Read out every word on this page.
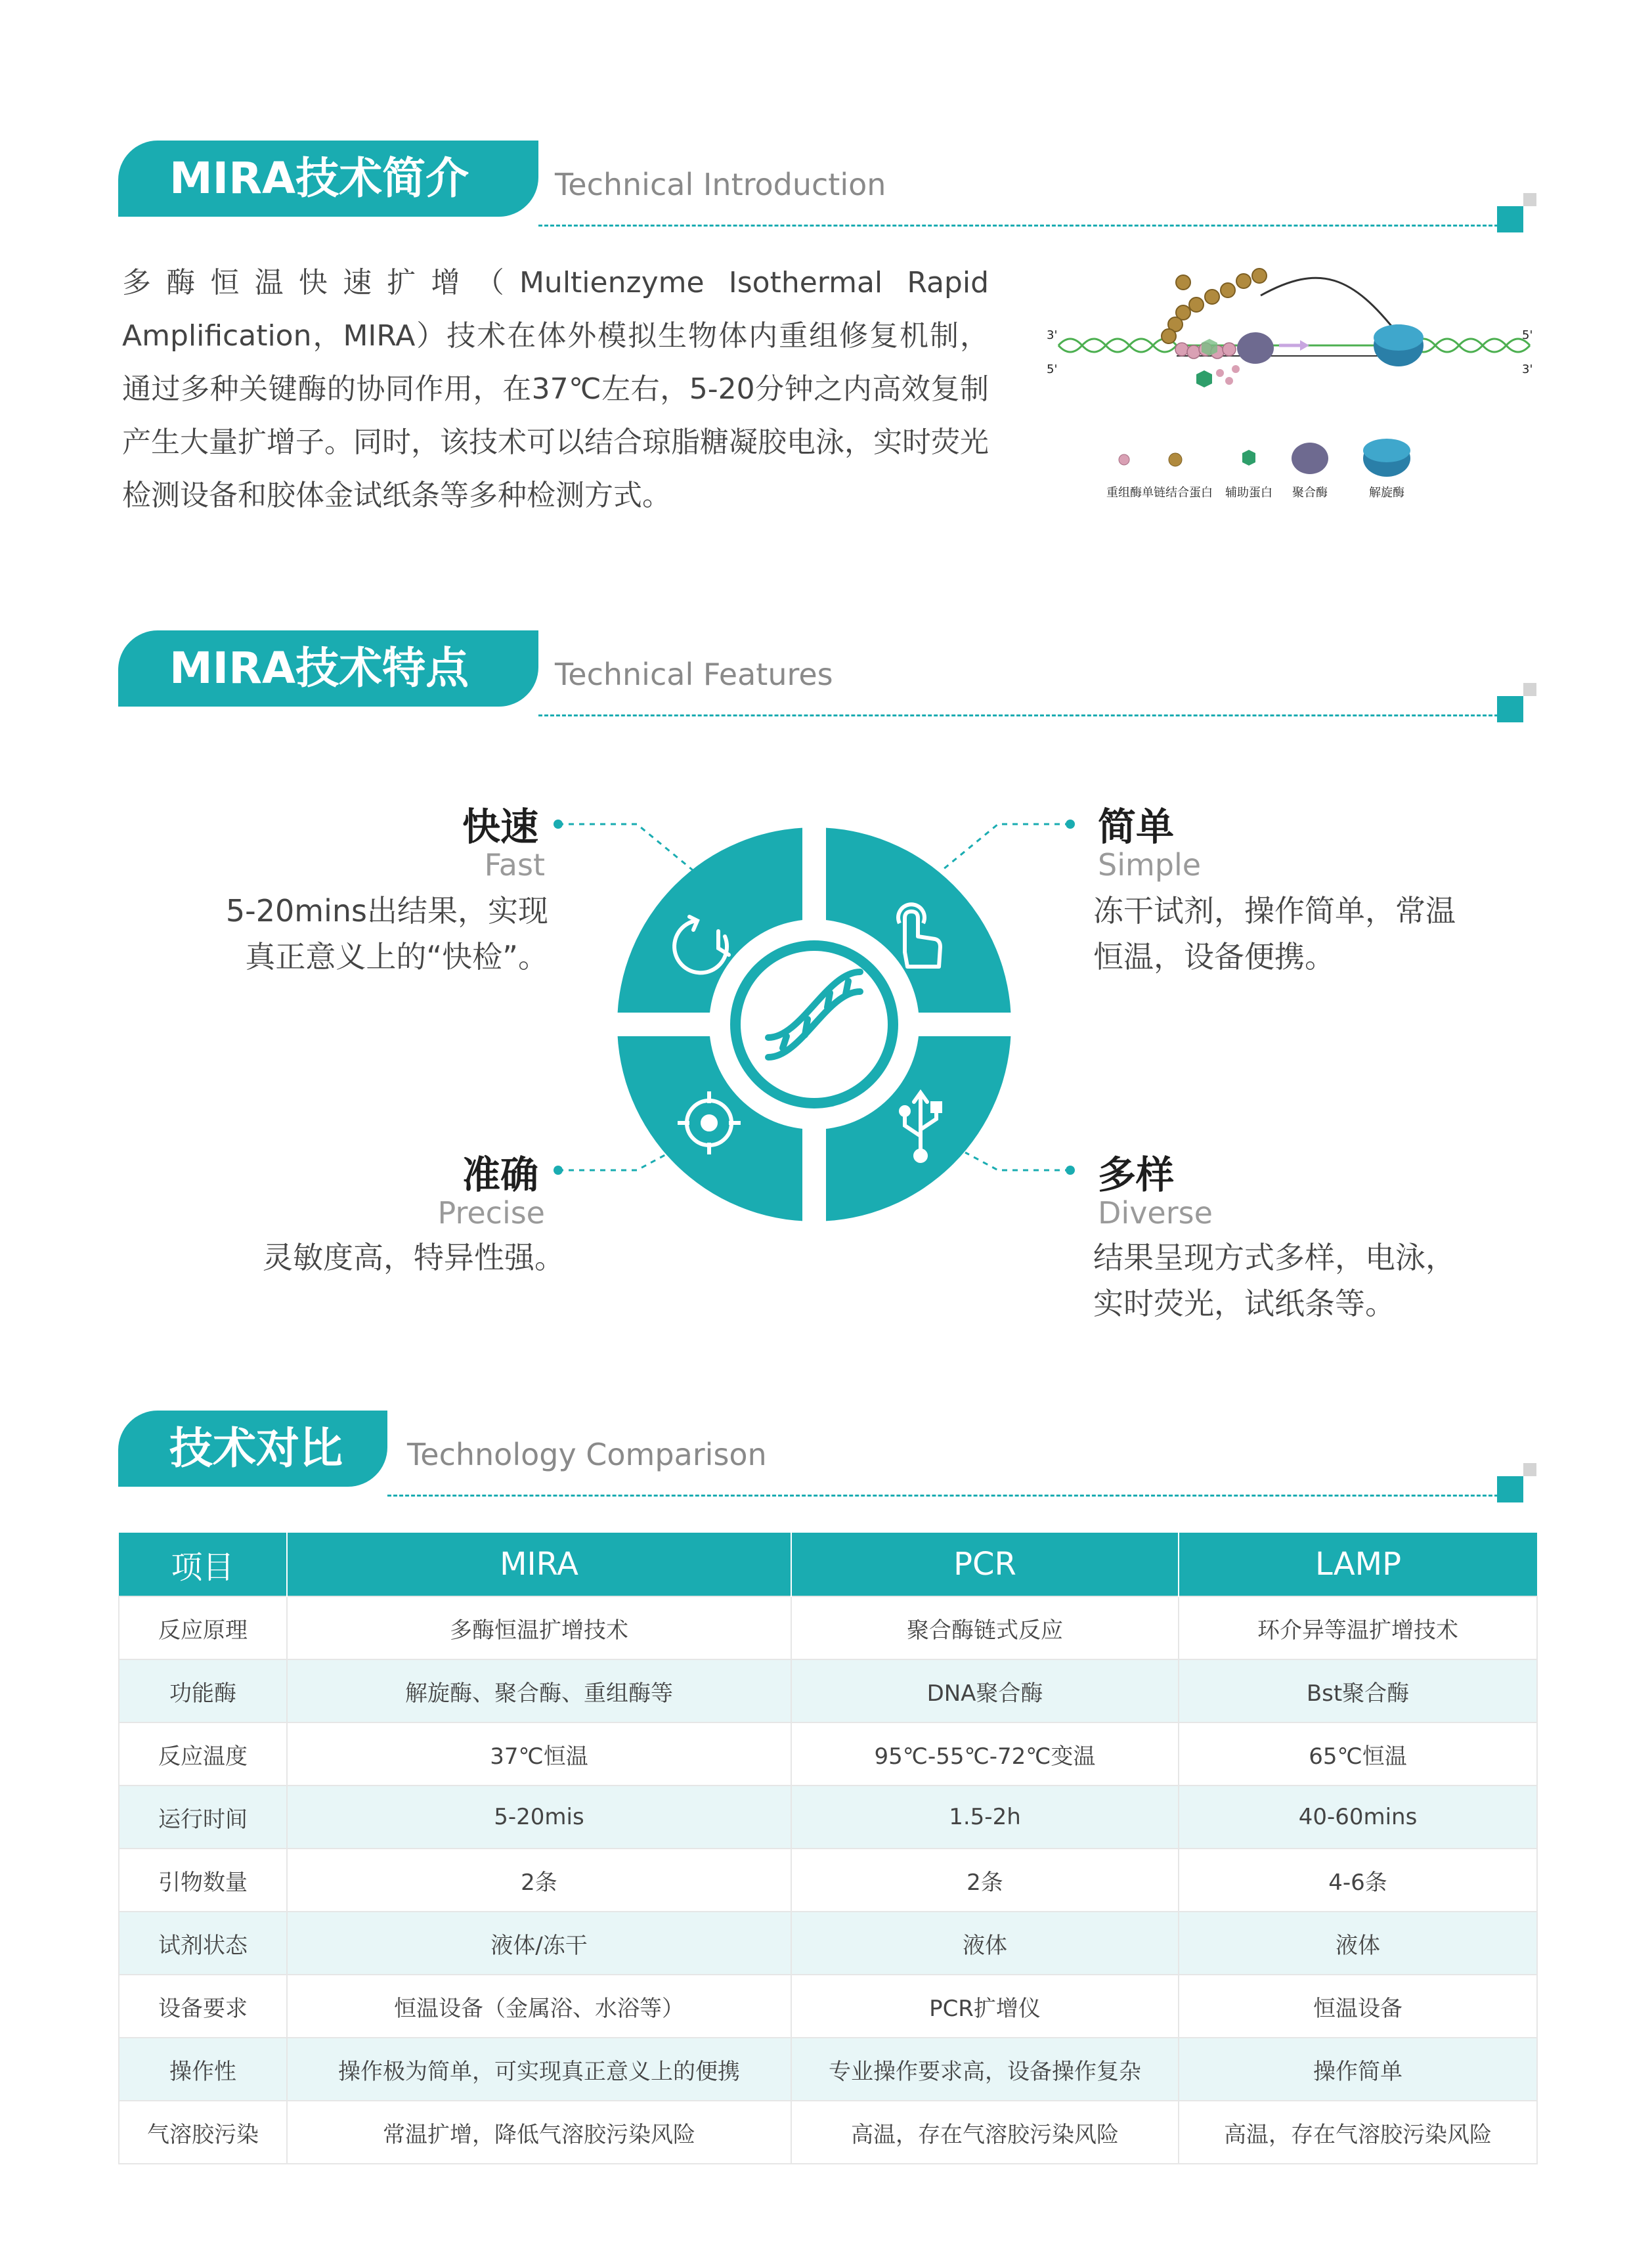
MIRA技术简介	Technical Introduction
多酶恒温快速扩增（Multienzyme Isothermal Rapid Amplification，MIRA）技术在体外模拟生物体内重组修复机制，通过多种关键酶的协同作用，在37℃左右，5-20分钟之内高效复制产生大量扩增子。同时，该技术可以结合琼脂糖凝胶电泳，实时荧光检测设备和胶体金试纸条等多种检测方式。
3'
5'
5'
3'
重组酶 单链结合蛋白 辅助蛋白 聚合酶	解旋酶
MIRA技术特点	Technical Features
快速
Fast
5-20mins出结果，实现真正意义上的“快检”。
简单
Simple
冻干试剂，操作简单，常温恒温，设备便携。
准确
Precise
灵敏度高，特异性强。
多样
Diverse
结果呈现方式多样，电泳，实时荧光，试纸条等。
技术对比	Technology Comparison
项目	MIRA	PCR	LAMP
反应原理	多酶恒温扩增技术	聚合酶链式反应	环介异等温扩增技术
功能酶	解旋酶、聚合酶、重组酶等	DNA聚合酶	Bst聚合酶
反应温度	37℃恒温	95℃-55℃-72℃变温	65℃恒温
运行时间	5-20mis	1.5-2h	40-60mins
引物数量	2条	2条	4-6条
试剂状态	液体/冻干	液体	液体
设备要求	恒温设备（金属浴、水浴等）	PCR扩增仪	恒温设备
操作性	操作极为简单，可实现真正意义上的便携	专业操作要求高，设备操作复杂	操作简单
气溶胶污染	常温扩增，降低气溶胶污染风险	高温，存在气溶胶污染风险	高温，存在气溶胶污染风险
